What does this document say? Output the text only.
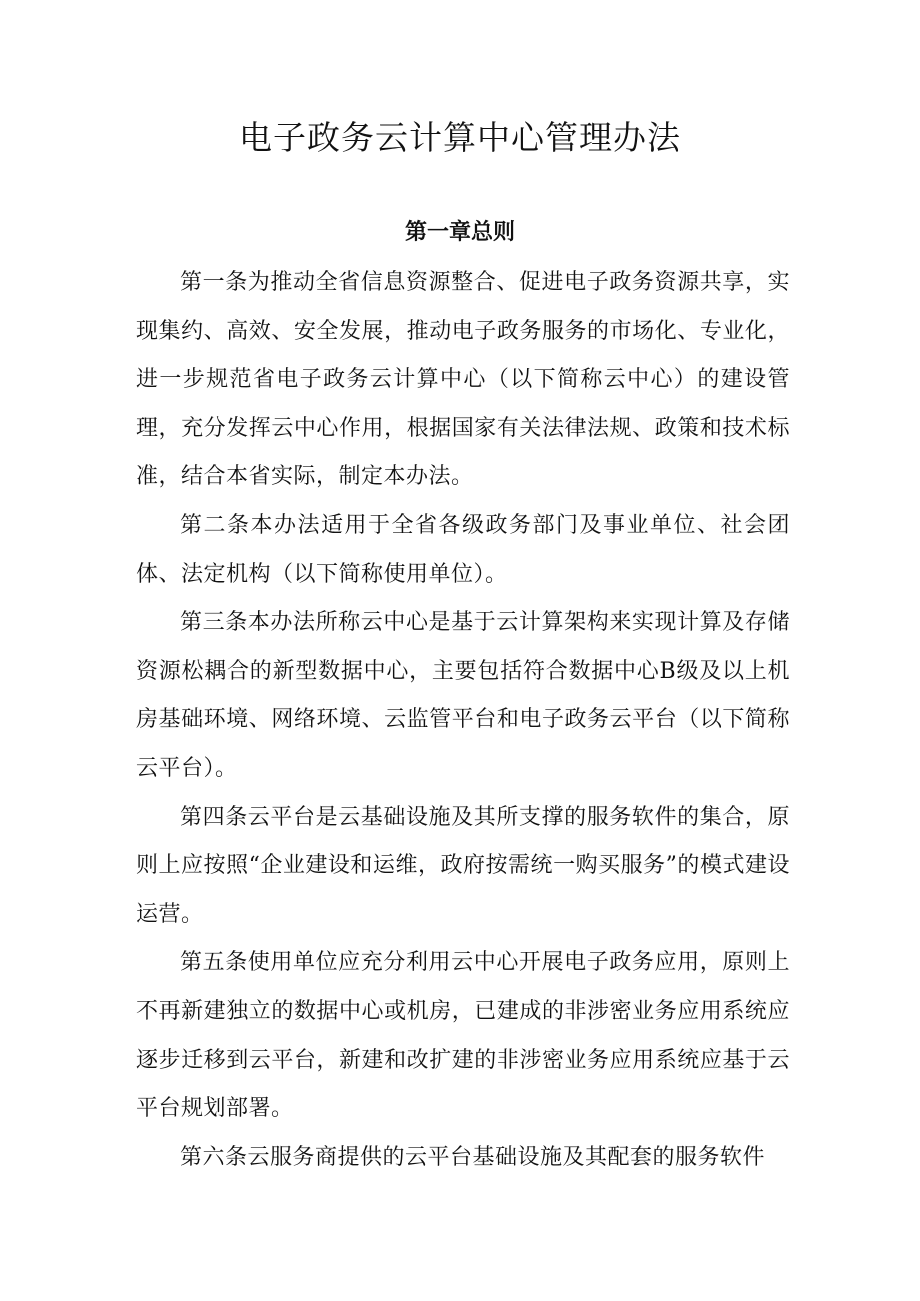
电子政务云计算中心管理办法
第一章总则

第一条为推动全省信息资源整合、促进电子政务资源共享，实现集约、高效、安全发展，推动电子政务服务的市场化、专业化，进一步规范省电子政务云计算中心（以下简称云中心）的建设管理，充分发挥云中心作用，根据国家有关法律法规、政策和技术标准，结合本省实际，制定本办法。

第二条本办法适用于全省各级政务部门及事业单位、社会团体、法定机构（以下简称使用单位）。

第三条本办法所称云中心是基于云计算架构来实现计算及存储资源松耦合的新型数据中心，主要包括符合数据中心B级及以上机房基础环境、网络环境、云监管平台和电子政务云平台（以下简称云平台）。

第四条云平台是云基础设施及其所支撑的服务软件的集合，原则上应按照“企业建设和运维，政府按需统一购买服务”的模式建设运营。

第五条使用单位应充分利用云中心开展电子政务应用，原则上不再新建独立的数据中心或机房，已建成的非涉密业务应用系统应逐步迁移到云平台，新建和改扩建的非涉密业务应用系统应基于云平台规划部署。

第六条云服务商提供的云平台基础设施及其配套的服务软件
